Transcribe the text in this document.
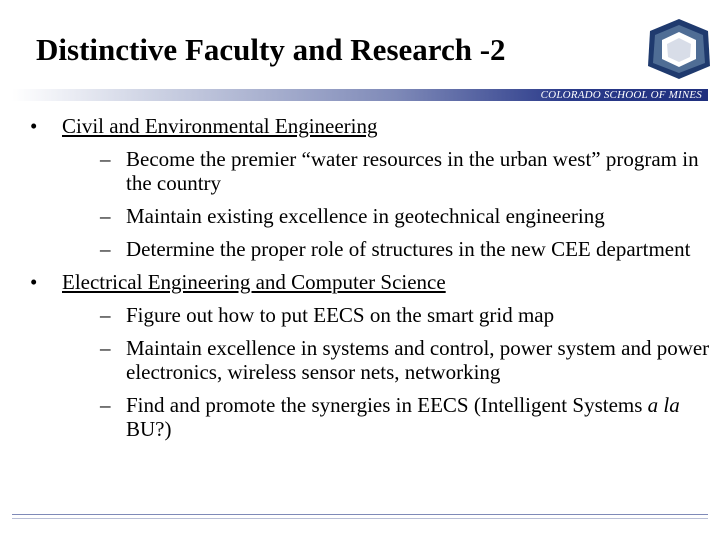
Distinctive Faculty and Research -2
COLORADO SCHOOL OF MINES
• Civil and Environmental Engineering
– Become the premier “water resources in the urban west” program in the country
– Maintain existing excellence in geotechnical engineering
– Determine the proper role of structures in the new CEE department
• Electrical Engineering and Computer Science
– Figure out how to put EECS on the smart grid map
– Maintain excellence in systems and control, power system and power electronics, wireless sensor nets, networking
– Find and promote the synergies in EECS (Intelligent Systems a la BU?)
